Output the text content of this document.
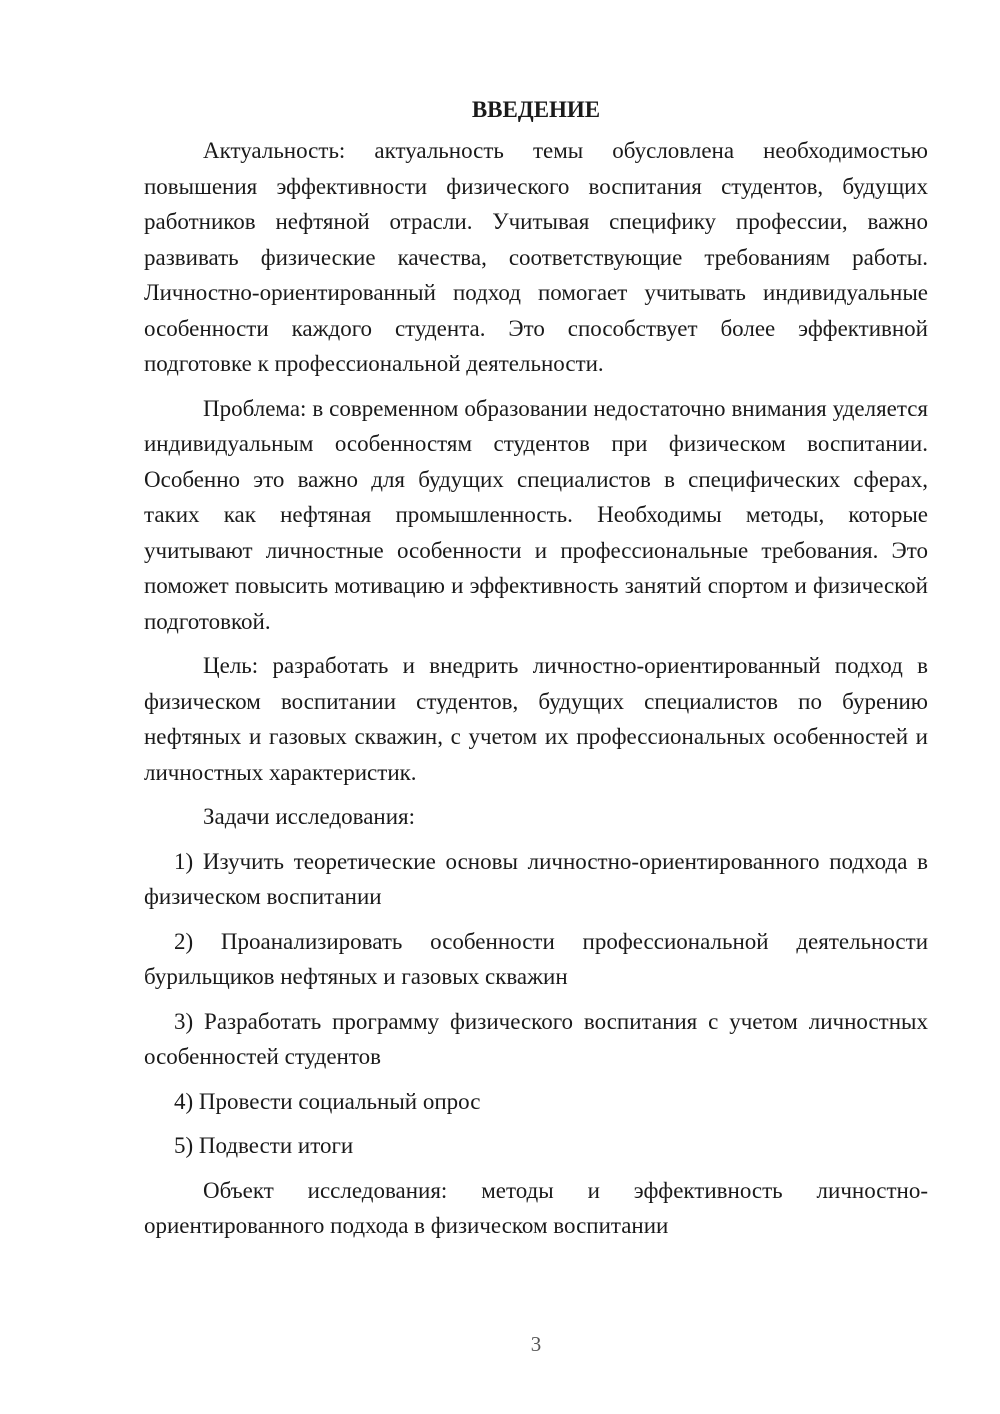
ВВЕДЕНИЕ

Актуальность: актуальность темы обусловлена необходимостью повышения эффективности физического воспитания студентов, будущих работников нефтяной отрасли. Учитывая специфику профессии, важно развивать физические качества, соответствующие требованиям работы. Личностно-ориентированный подход помогает учитывать индивидуальные особенности каждого студента. Это способствует более эффективной подготовке к профессиональной деятельности.

Проблема: в современном образовании недостаточно внимания уделяется индивидуальным особенностям студентов при физическом воспитании. Особенно это важно для будущих специалистов в специфических сферах, таких как нефтяная промышленность. Необходимы методы, которые учитывают личностные особенности и профессиональные требования. Это поможет повысить мотивацию и эффективность занятий спортом и физической подготовкой.

Цель: разработать и внедрить личностно-ориентированный подход в физическом воспитании студентов, будущих специалистов по бурению нефтяных и газовых скважин, с учетом их профессиональных особенностей и личностных характеристик.

Задачи исследования:

1) Изучить теоретические основы личностно-ориентированного подхода в физическом воспитании

2) Проанализировать особенности профессиональной деятельности бурильщиков нефтяных и газовых скважин

3) Разработать программу физического воспитания с учетом личностных особенностей студентов

4) Провести социальный опрос

5) Подвести итоги

Объект исследования: методы и эффективность личностно-ориентированного подхода в физическом воспитании

3
